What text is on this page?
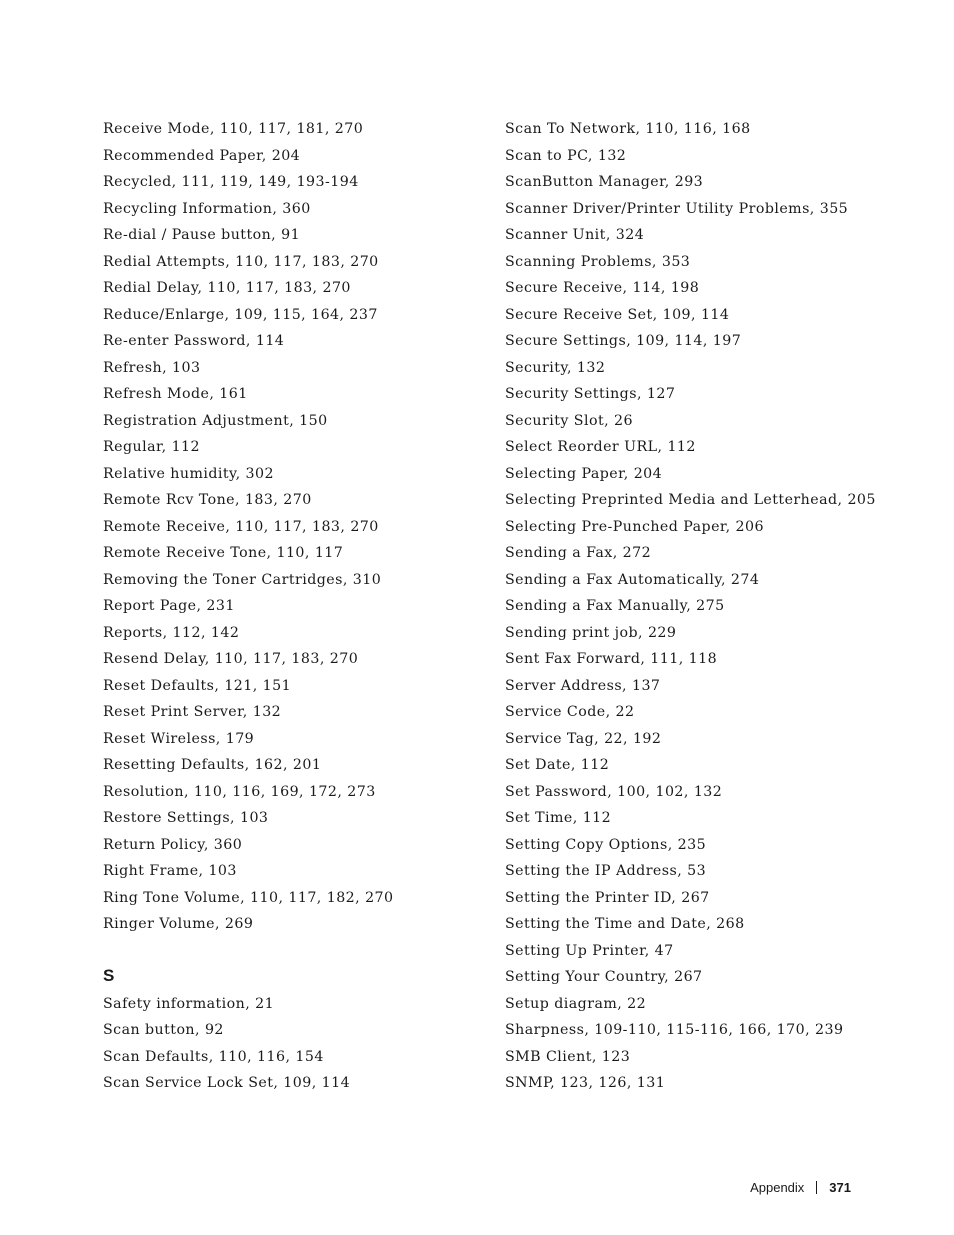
Receive Mode, 110, 117, 181, 270
Recommended Paper, 204
Recycled, 111, 119, 149, 193-194
Recycling Information, 360
Re-dial / Pause button, 91
Redial Attempts, 110, 117, 183, 270
Redial Delay, 110, 117, 183, 270
Reduce/Enlarge, 109, 115, 164, 237
Re-enter Password, 114
Refresh, 103
Refresh Mode, 161
Registration Adjustment, 150
Regular, 112
Relative humidity, 302
Remote Rcv Tone, 183, 270
Remote Receive, 110, 117, 183, 270
Remote Receive Tone, 110, 117
Removing the Toner Cartridges, 310
Report Page, 231
Reports, 112, 142
Resend Delay, 110, 117, 183, 270
Reset Defaults, 121, 151
Reset Print Server, 132
Reset Wireless, 179
Resetting Defaults, 162, 201
Resolution, 110, 116, 169, 172, 273
Restore Settings, 103
Return Policy, 360
Right Frame, 103
Ring Tone Volume, 110, 117, 182, 270
Ringer Volume, 269
S
Safety information, 21
Scan button, 92
Scan Defaults, 110, 116, 154
Scan Service Lock Set, 109, 114
Scan To Network, 110, 116, 168
Scan to PC, 132
ScanButton Manager, 293
Scanner Driver/Printer Utility Problems, 355
Scanner Unit, 324
Scanning Problems, 353
Secure Receive, 114, 198
Secure Receive Set, 109, 114
Secure Settings, 109, 114, 197
Security, 132
Security Settings, 127
Security Slot, 26
Select Reorder URL, 112
Selecting Paper, 204
Selecting Preprinted Media and Letterhead, 205
Selecting Pre-Punched Paper, 206
Sending a Fax, 272
Sending a Fax Automatically, 274
Sending a Fax Manually, 275
Sending print job, 229
Sent Fax Forward, 111, 118
Server Address, 137
Service Code, 22
Service Tag, 22, 192
Set Date, 112
Set Password, 100, 102, 132
Set Time, 112
Setting Copy Options, 235
Setting the IP Address, 53
Setting the Printer ID, 267
Setting the Time and Date, 268
Setting Up Printer, 47
Setting Your Country, 267
Setup diagram, 22
Sharpness, 109-110, 115-116, 166, 170, 239
SMB Client, 123
SNMP, 123, 126, 131
Appendix 371
